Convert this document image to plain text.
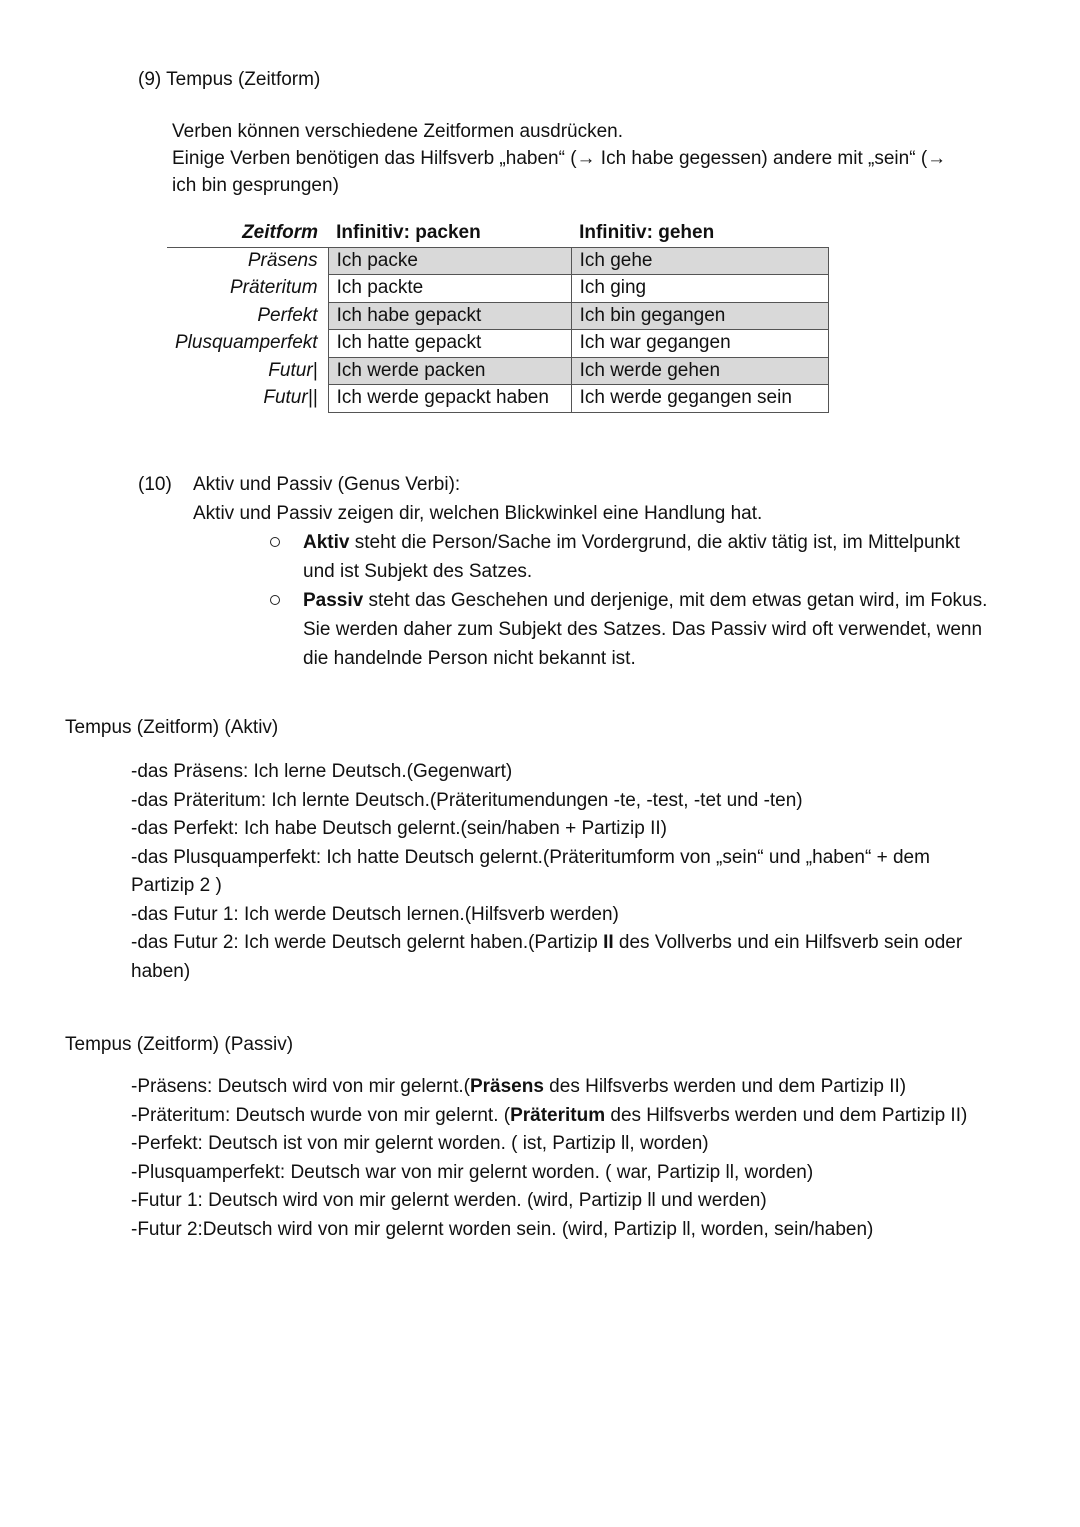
(9) Tempus (Zeitform)

Verben können verschiedene Zeitformen ausdrücken.

Einige Verben benötigen das Hilfsverb „haben“ (→ Ich habe gegessen) andere mit „sein“ (→

ich bin gesprungen)

Zeitform	Infinitiv: packen	Infinitiv: gehen
Präsens	Ich packe	Ich gehe
Präteritum	Ich packte	Ich ging
Perfekt	Ich habe gepackt	Ich bin gegangen
Plusquamperfekt	Ich hatte gepackt	Ich war gegangen
Futur|	Ich werde packen	Ich werde gehen
Futur||	Ich werde gepackt haben	Ich werde gegangen sein
(10) Aktiv und Passiv (Genus Verbi):
Aktiv und Passiv zeigen dir, welchen Blickwinkel eine Handlung hat.
Aktiv steht die Person/Sache im Vordergrund, die aktiv tätig ist, im Mittelpunkt
und ist Subjekt des Satzes.
Passiv steht das Geschehen und derjenige, mit dem etwas getan wird, im Fokus.
Sie werden daher zum Subjekt des Satzes. Das Passiv wird oft verwendet, wenn
die handelnde Person nicht bekannt ist.
Tempus (Zeitform) (Aktiv)

-das Präsens: Ich lerne Deutsch.(Gegenwart)

-das Präteritum: Ich lernte Deutsch.(Präteritumendungen -te, -test, -tet und -ten)

-das Perfekt: Ich habe Deutsch gelernt.(sein/haben + Partizip II)

-das Plusquamperfekt: Ich hatte Deutsch gelernt.(Präteritumform von „sein“ und „haben“ + dem

Partizip 2 )

-das Futur 1: Ich werde Deutsch lernen.(Hilfsverb werden)

-das Futur 2: Ich werde Deutsch gelernt haben.(Partizip II des Vollverbs und ein Hilfsverb sein oder

haben)

Tempus (Zeitform) (Passiv)

-Präsens: Deutsch wird von mir gelernt.(Präsens des Hilfsverbs werden und dem Partizip II)

-Präteritum: Deutsch wurde von mir gelernt. (Präteritum des Hilfsverbs werden und dem Partizip II)

-Perfekt: Deutsch ist von mir gelernt worden. ( ist, Partizip ll, worden)

-Plusquamperfekt: Deutsch war von mir gelernt worden. ( war, Partizip ll, worden)

-Futur 1: Deutsch wird von mir gelernt werden. (wird, Partizip ll und werden)

-Futur 2:Deutsch wird von mir gelernt worden sein. (wird, Partizip ll, worden, sein/haben)
